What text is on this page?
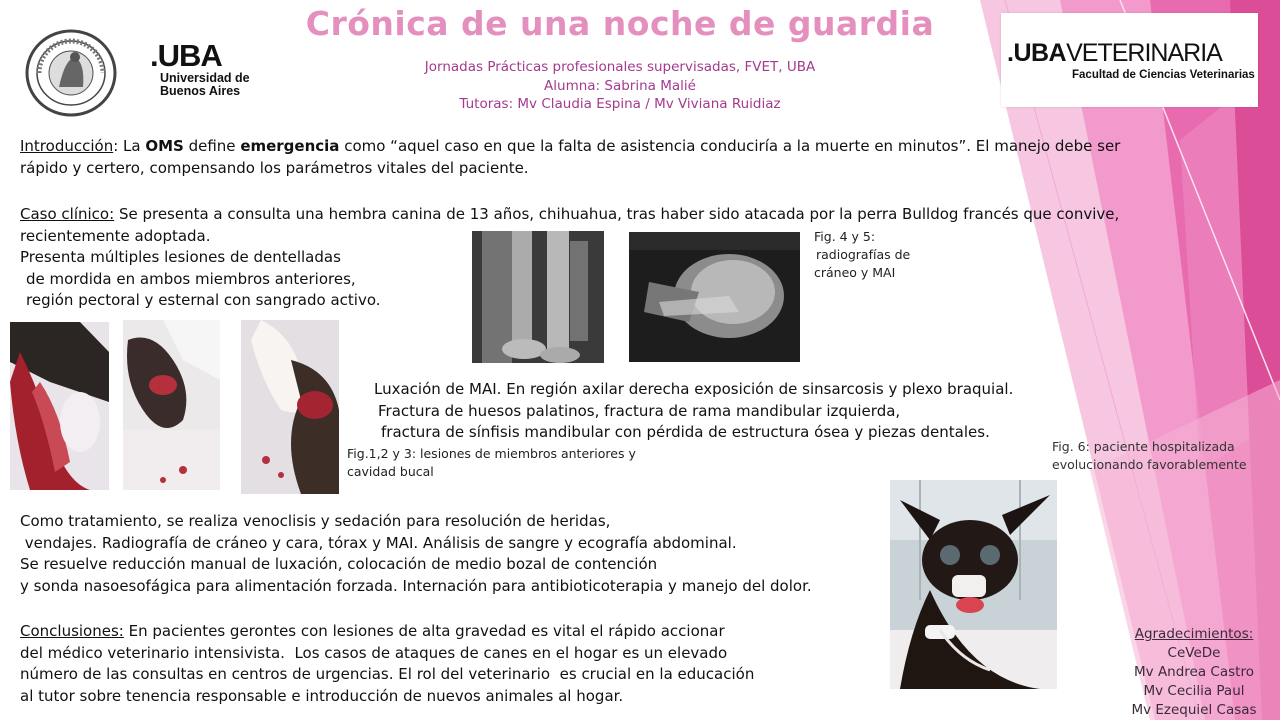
Crónica de una noche de guardia
Jornadas Prácticas profesionales supervisadas, FVET, UBA
Alumna: Sabrina Malié
Tutoras: Mv Claudia Espina / Mv Viviana Ruidiaz
.UBA
Universidad de
Buenos Aires
.UBAVETERINARIA
Facultad de Ciencias Veterinarias
Introducción: La OMS define emergencia como “aquel caso en que la falta de asistencia conduciría a la muerte en minutos”. El manejo debe ser
rápido y certero, compensando los parámetros vitales del paciente.
Caso clínico: Se presenta a consulta una hembra canina de 13 años, chihuahua, tras haber sido atacada por la perra Bulldog francés que convive,
recientemente adoptada.
Presenta múltiples lesiones de dentelladas
de mordida en ambos miembros anteriores,
región pectoral y esternal con sangrado activo.
Fig. 4 y 5:
radiografías de
cráneo y MAI
Luxación de MAI. En región axilar derecha exposición de sinsarcosis y plexo braquial.
Fractura de huesos palatinos, fractura de rama mandibular izquierda,
fractura de sínfisis mandibular con pérdida de estructura ósea y piezas dentales.
Fig.1,2 y 3: lesiones de miembros anteriores y
cavidad bucal
Fig. 6: paciente hospitalizada
evolucionando favorablemente
Como tratamiento, se realiza venoclisis y sedación para resolución de heridas,
vendajes. Radiografía de cráneo y cara, tórax y MAI. Análisis de sangre y ecografía abdominal.
Se resuelve reducción manual de luxación, colocación de medio bozal de contención
y sonda nasoesofágica para alimentación forzada. Internación para antibioticoterapia y manejo del dolor.
Conclusiones: En pacientes gerontes con lesiones de alta gravedad es vital el rápido accionar
del médico veterinario intensivista.  Los casos de ataques de canes en el hogar es un elevado
número de las consultas en centros de urgencias. El rol del veterinario  es crucial en la educación
al tutor sobre tenencia responsable e introducción de nuevos animales al hogar.
Agradecimientos:
CeVeDe
Mv Andrea Castro
Mv Cecilia Paul
Mv Ezequiel Casas
